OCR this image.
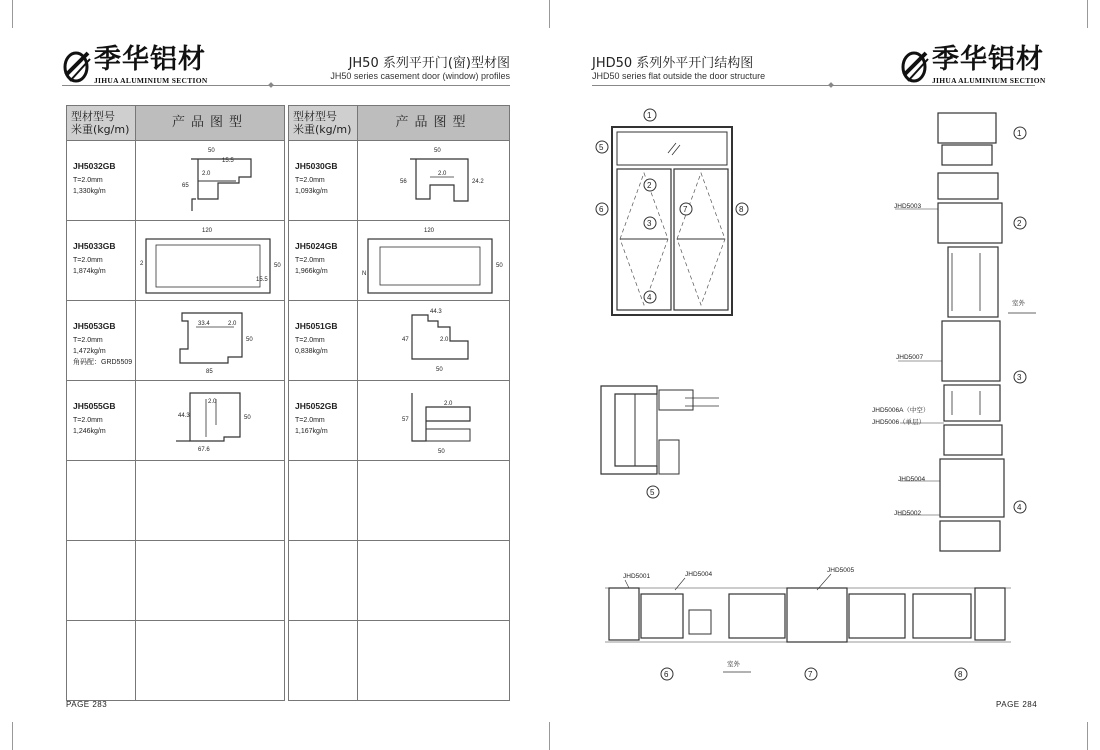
季华铝材
JIHUA ALUMINIUM SECTION
JH50 系列平开门(窗)型材图
JH50 series casement door (window) profiles
型材型号
米重(kg/m)	产品图型

JH5032GB
T=2.0mm
1,330kg/m	50
15.5
65
2.0

JH5033GB
T=2.0mm
1,874kg/m	120
2 50
15.5

JH5053GB
T=2.0mm
1,472kg/m
角码配：GRD5509	33.4 2.0
50
85

JH5055GB
T=2.0mm
1,246kg/m	2.0
44.3 50
67.6

型材型号
米重(kg/m)	产品图型

JH5030GB
T=2.0mm
1,093kg/m	50
2.0
56 24.2

JH5024GB
T=2.0mm
1,966kg/m	120
N
50

JH5051GB
T=2.0mm
0,838kg/m	44.3
47 2.0
50

JH5052GB
T=2.0mm
1,167kg/m	2.0
57
50

PAGE 283
JHD50 系列外平开门结构图
JHD50 series flat outside the door structure
季华铝材
JIHUA ALUMINIUM SECTION
1
2
3
4
5
6	7	8
5
JHD5003
JHD5007
JHD5006A（中空）
JHD5006（单层）
JHD5004
JHD5002
室外
1
2
3
4
JHD5001	JHD5004
JHD5005
室外
6	7	8
PAGE 284
